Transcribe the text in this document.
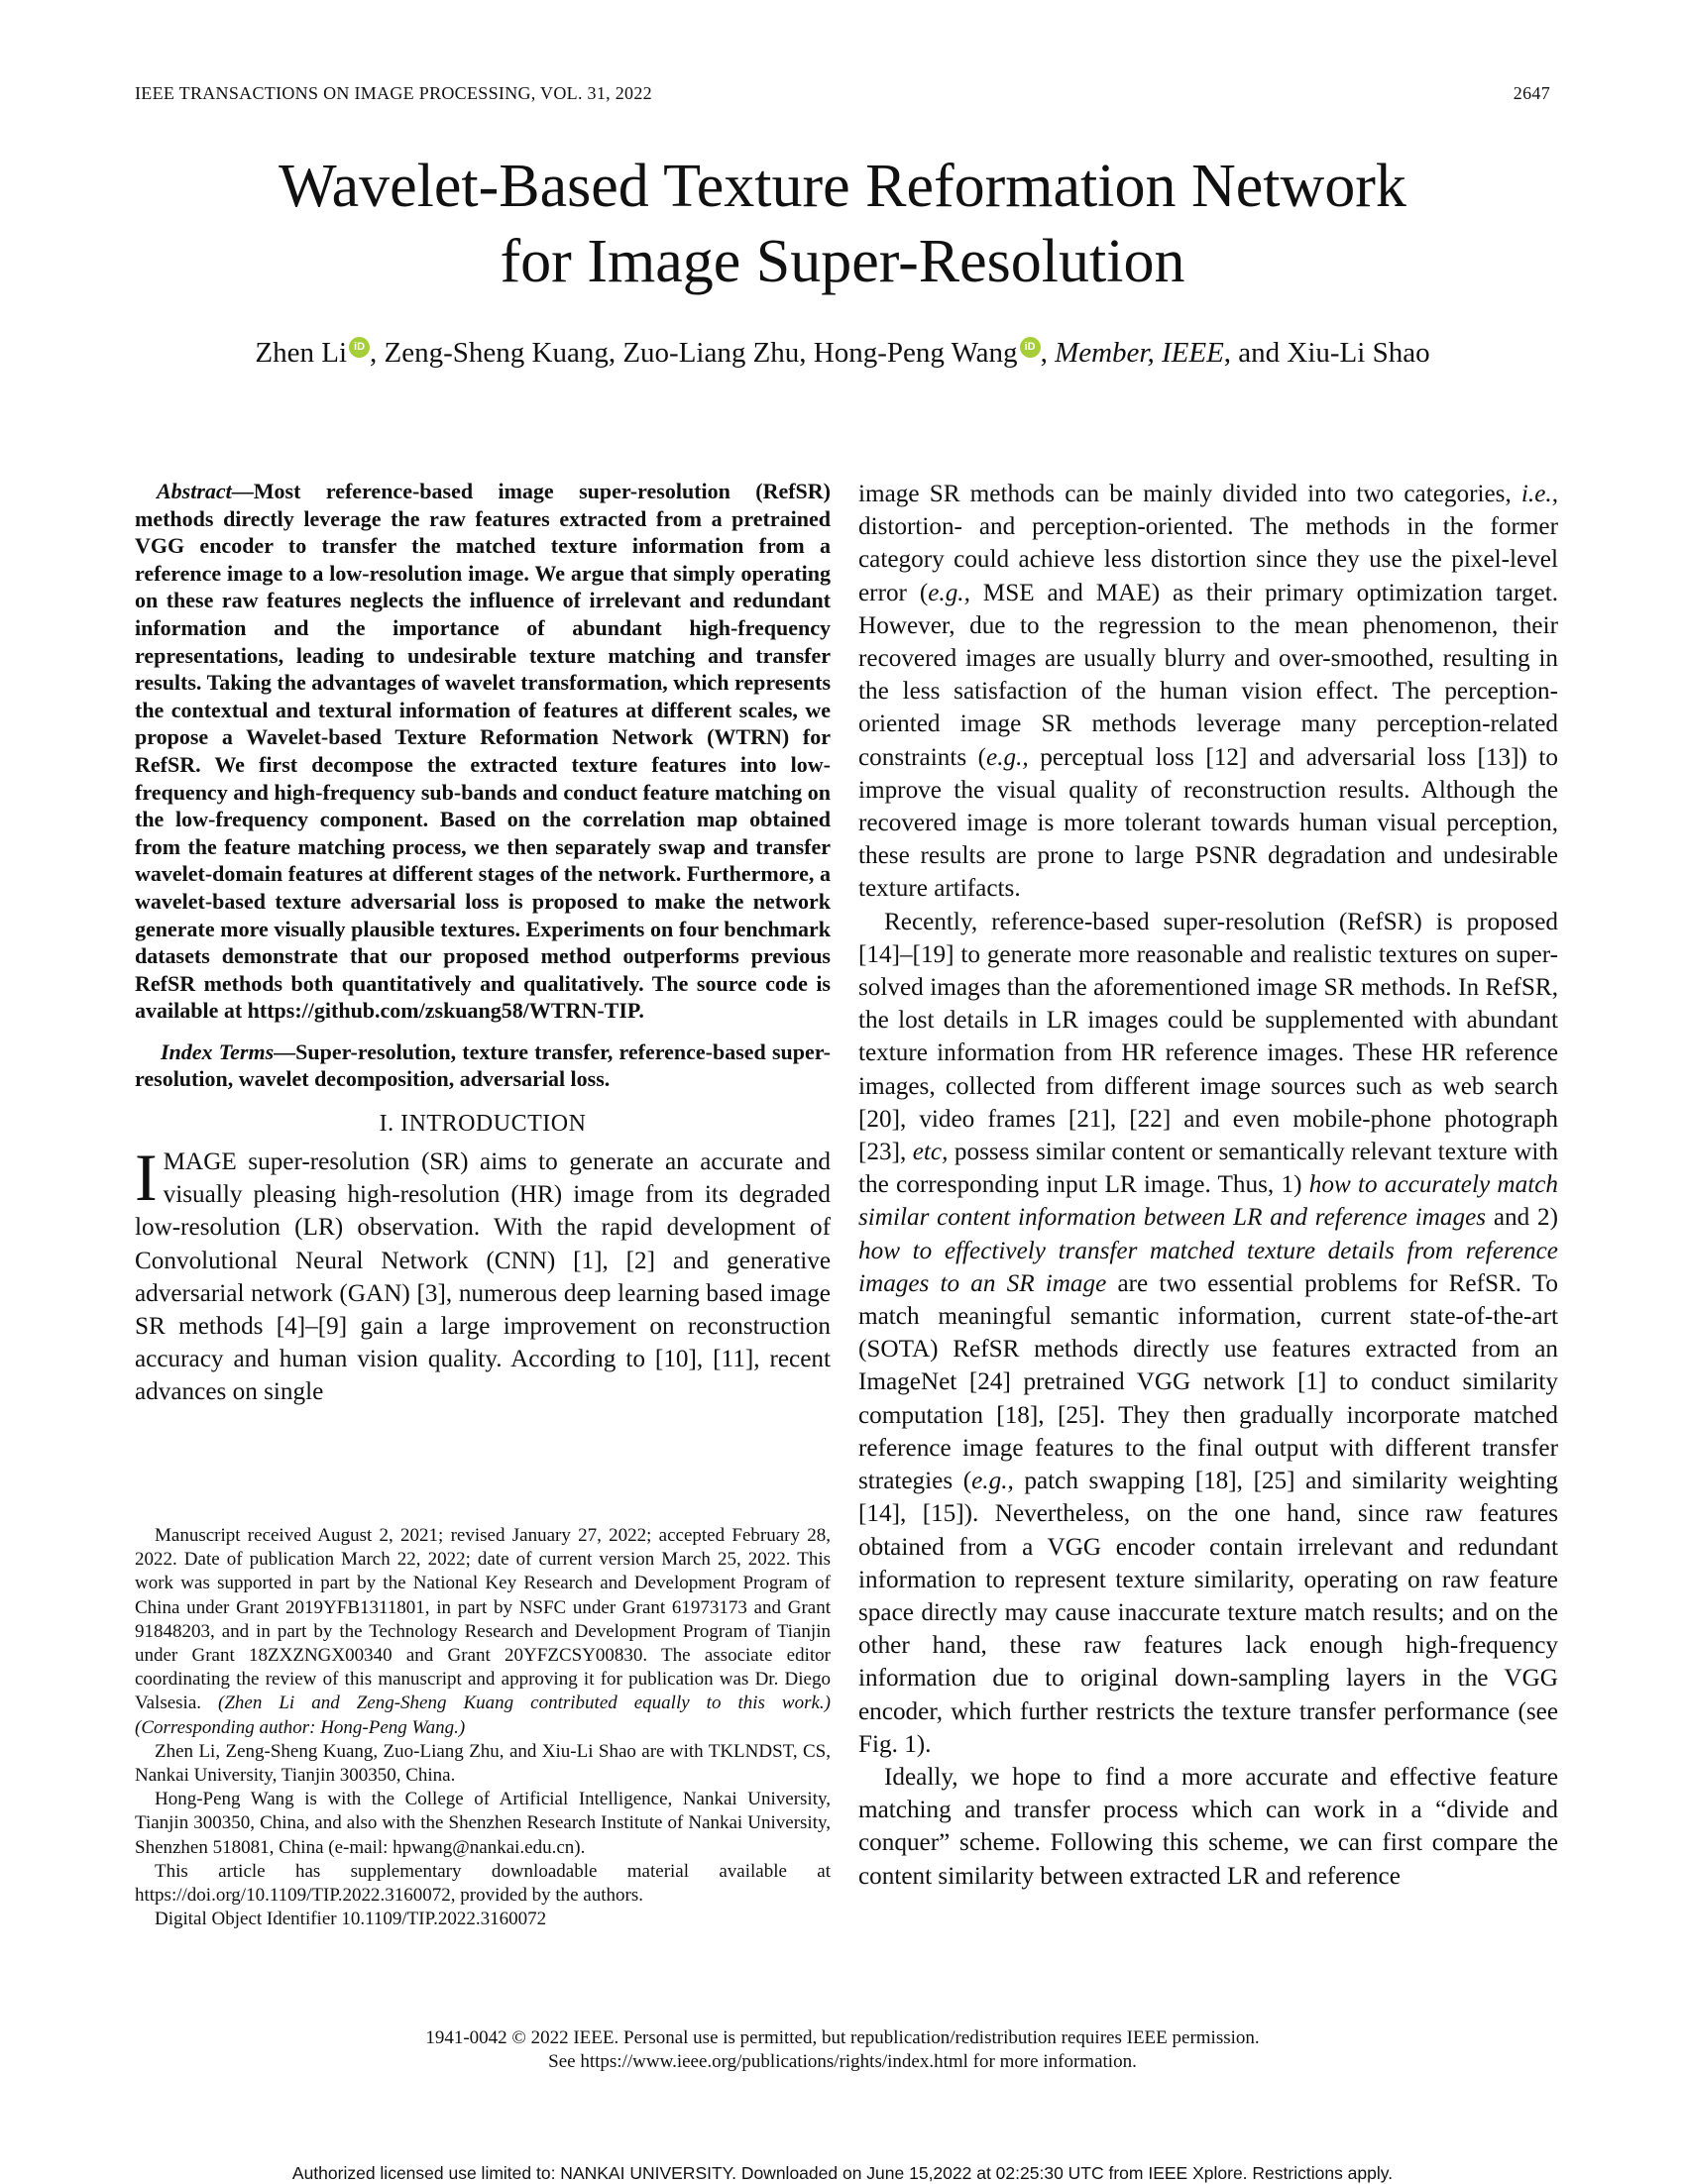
IEEE TRANSACTIONS ON IMAGE PROCESSING, VOL. 31, 2022	2647
Wavelet-Based Texture Reformation Network
for Image Super-Resolution
Zhen Li iD , Zeng-Sheng Kuang, Zuo-Liang Zhu, Hong-Peng Wang iD , Member, IEEE, and Xiu-Li Shao

 Abstract—Most reference-based image super-resolution (RefSR) methods directly leverage the raw features extracted from a pretrained VGG encoder to transfer the matched texture information from a reference image to a low-resolution image. We argue that simply operating on these raw features neglects the influence of irrelevant and redundant information and the importance of abundant high-frequency representations, leading to undesirable texture matching and transfer results. Taking the advantages of wavelet transformation, which represents the contextual and textural information of features at different scales, we propose a Wavelet-based Texture Reformation Network (WTRN) for RefSR. We first decompose the extracted texture features into low-frequency and high-frequency sub-bands and conduct feature matching on the low-frequency component. Based on the correlation map obtained from the feature matching process, we then separately swap and transfer wavelet-domain features at different stages of the network. Furthermore, a wavelet-based texture adversarial loss is proposed to make the network generate more visually plausible textures. Experiments on four benchmark datasets demonstrate that our proposed method outperforms previous RefSR methods both quantitatively and qualitatively. The source code is available at https://github.com/zskuang58/WTRN-TIP.

Index Terms—Super-resolution, texture transfer, reference-based super-resolution, wavelet decomposition, adversarial loss.

I. INTRODUCTION

IMAGE super-resolution (SR) aims to generate an accurate and visually pleasing high-resolution (HR) image from its degraded low-resolution (LR) observation. With the rapid development of Convolutional Neural Network (CNN) [1], [2] and generative adversarial network (GAN) [3], numerous deep learning based image SR methods [4]–[9] gain a large improvement on reconstruction accuracy and human vision quality. According to [10], [11], recent advances on single

Manuscript received August 2, 2021; revised January 27, 2022; accepted February 28, 2022. Date of publication March 22, 2022; date of current version March 25, 2022. This work was supported in part by the National Key Research and Development Program of China under Grant 2019YFB1311801, in part by NSFC under Grant 61973173 and Grant 91848203, and in part by the Technology Research and Development Program of Tianjin under Grant 18ZXZNGX00340 and Grant 20YFZCSY00830. The associate editor coordinating the review of this manuscript and approving it for publication was Dr. Diego Valsesia. (Zhen Li and Zeng-Sheng Kuang contributed equally to this work.) (Corresponding author: Hong-Peng Wang.)

Zhen Li, Zeng-Sheng Kuang, Zuo-Liang Zhu, and Xiu-Li Shao are with TKLNDST, CS, Nankai University, Tianjin 300350, China.

Hong-Peng Wang is with the College of Artificial Intelligence, Nankai University, Tianjin 300350, China, and also with the Shenzhen Research Institute of Nankai University, Shenzhen 518081, China (e-mail: hpwang@nankai.edu.cn).

This article has supplementary downloadable material available at https://doi.org/10.1109/TIP.2022.3160072, provided by the authors.

Digital Object Identifier 10.1109/TIP.2022.3160072

image SR methods can be mainly divided into two categories, i.e., distortion- and perception-oriented. The methods in the former category could achieve less distortion since they use the pixel-level error (e.g., MSE and MAE) as their primary optimization target. However, due to the regression to the mean phenomenon, their recovered images are usually blurry and over-smoothed, resulting in the less satisfaction of the human vision effect. The perception-oriented image SR methods leverage many perception-related constraints (e.g., perceptual loss [12] and adversarial loss [13]) to improve the visual quality of reconstruction results. Although the recovered image is more tolerant towards human visual perception, these results are prone to large PSNR degradation and undesirable texture artifacts.

Recently, reference-based super-resolution (RefSR) is proposed [14]–[19] to generate more reasonable and realistic textures on super-solved images than the aforementioned image SR methods. In RefSR, the lost details in LR images could be supplemented with abundant texture information from HR reference images. These HR reference images, collected from different image sources such as web search [20], video frames [21], [22] and even mobile-phone photograph [23], etc, possess similar content or semantically relevant texture with the corresponding input LR image. Thus, 1) how to accurately match similar content information between LR and reference images and 2) how to effectively transfer matched texture details from reference images to an SR image are two essential problems for RefSR. To match meaningful semantic information, current state-of-the-art (SOTA) RefSR methods directly use features extracted from an ImageNet [24] pretrained VGG network [1] to conduct similarity computation [18], [25]. They then gradually incorporate matched reference image features to the final output with different transfer strategies (e.g., patch swapping [18], [25] and similarity weighting [14], [15]). Nevertheless, on the one hand, since raw features obtained from a VGG encoder contain irrelevant and redundant information to represent texture similarity, operating on raw feature space directly may cause inaccurate texture match results; and on the other hand, these raw features lack enough high-frequency information due to original down-sampling layers in the VGG encoder, which further restricts the texture transfer performance (see Fig. 1).

Ideally, we hope to find a more accurate and effective feature matching and transfer process which can work in a “divide and conquer” scheme. Following this scheme, we can first compare the content similarity between extracted LR and reference

1941-0042 © 2022 IEEE. Personal use is permitted, but republication/redistribution requires IEEE permission.
See https://www.ieee.org/publications/rights/index.html for more information.
Authorized licensed use limited to: NANKAI UNIVERSITY. Downloaded on June 15,2022 at 02:25:30 UTC from IEEE Xplore. Restrictions apply.
